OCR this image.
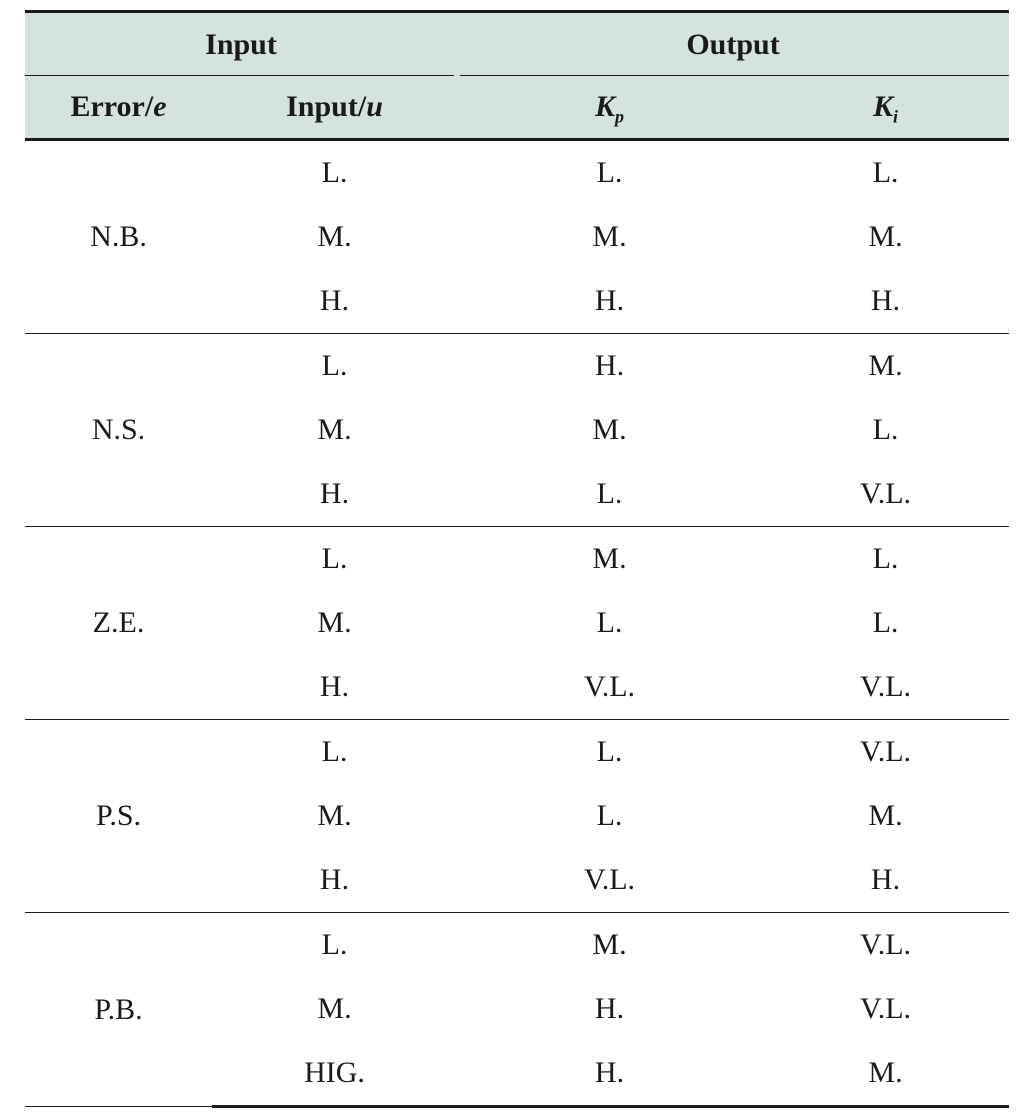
Input		Output	
Error/e	Input/u	$K_p$	$K_i$
N.B.	L.	L.	L.
	M.	M.	M.
	H.	H.	H.
N.S.	L.	H.	M.
	M.	M.	L.
	H.	L.	V.L.
Z.E.	L.	M.	L.
	M.	L.	L.
	H.	V.L.	V.L.
P.S.	L.	L.	V.L.
	M.	L.	M.
	H.	V.L.	H.
P.B.	L.	M.	V.L.
	M.	H.	V.L.
	HIG.	H.	M.
